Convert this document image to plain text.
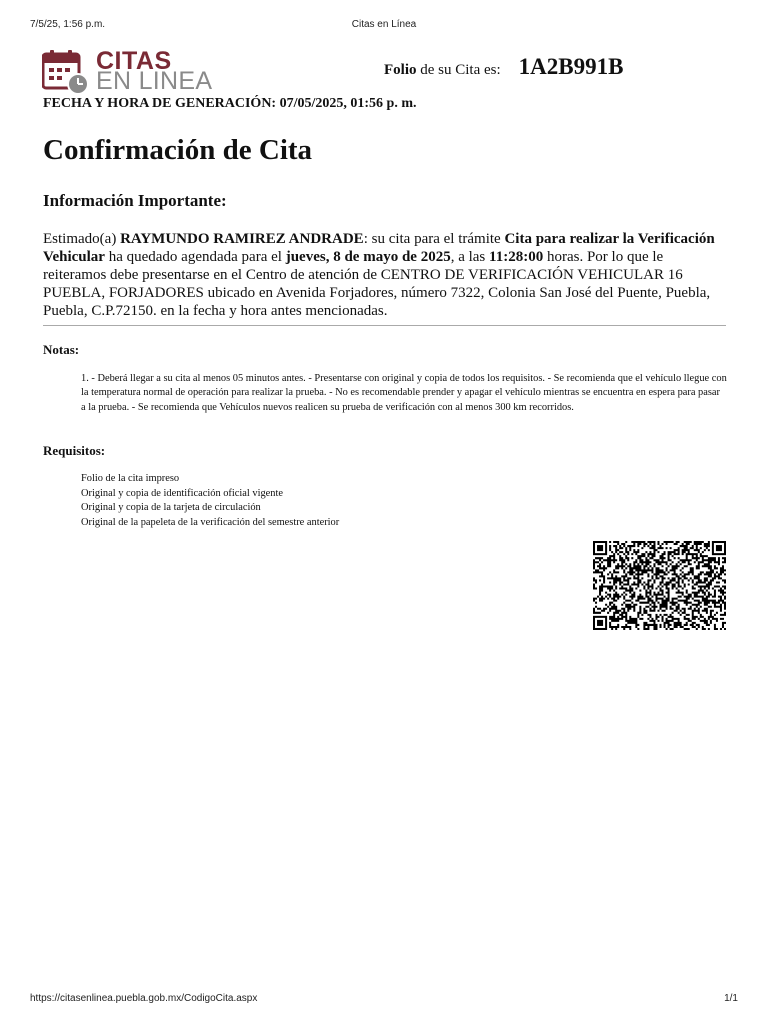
7/5/25, 1:56 p.m.	Citas en Línea
CITAS
EN LINEA	Folio de su Cita es: 1A2B991B
FECHA Y HORA DE GENERACIÓN: 07/05/2025, 01:56 p. m.
Confirmación de Cita
Información Importante:

Estimado(a) RAYMUNDO RAMIREZ ANDRADE: su cita para el trámite Cita para realizar la Verificación Vehicular ha quedado agendada para el jueves, 8 de mayo de 2025, a las 11:28:00 horas. Por lo que le reiteramos debe presentarse en el Centro de atención de CENTRO DE VERIFICACIÓN VEHICULAR 16 PUEBLA, FORJADORES ubicado en Avenida Forjadores, número 7322, Colonia San José del Puente, Puebla, Puebla, C.P.72150. en la fecha y hora antes mencionadas.

Notas:

1. - Deberá llegar a su cita al menos 05 minutos antes. - Presentarse con original y copia de todos los requisitos. - Se recomienda que el vehículo llegue con la temperatura normal de operación para realizar la prueba. - No es recomendable prender y apagar el vehículo mientras se encuentra en espera para pasar a la prueba. - Se recomienda que Vehículos nuevos realicen su prueba de verificación con al menos 300 km recorridos.

Requisitos:
Folio de la cita impreso
Original y copia de identificación oficial vigente
Original y copia de la tarjeta de circulación
Original de la papeleta de la verificación del semestre anterior
https://citasenlinea.puebla.gob.mx/CodigoCita.aspx	1/1
